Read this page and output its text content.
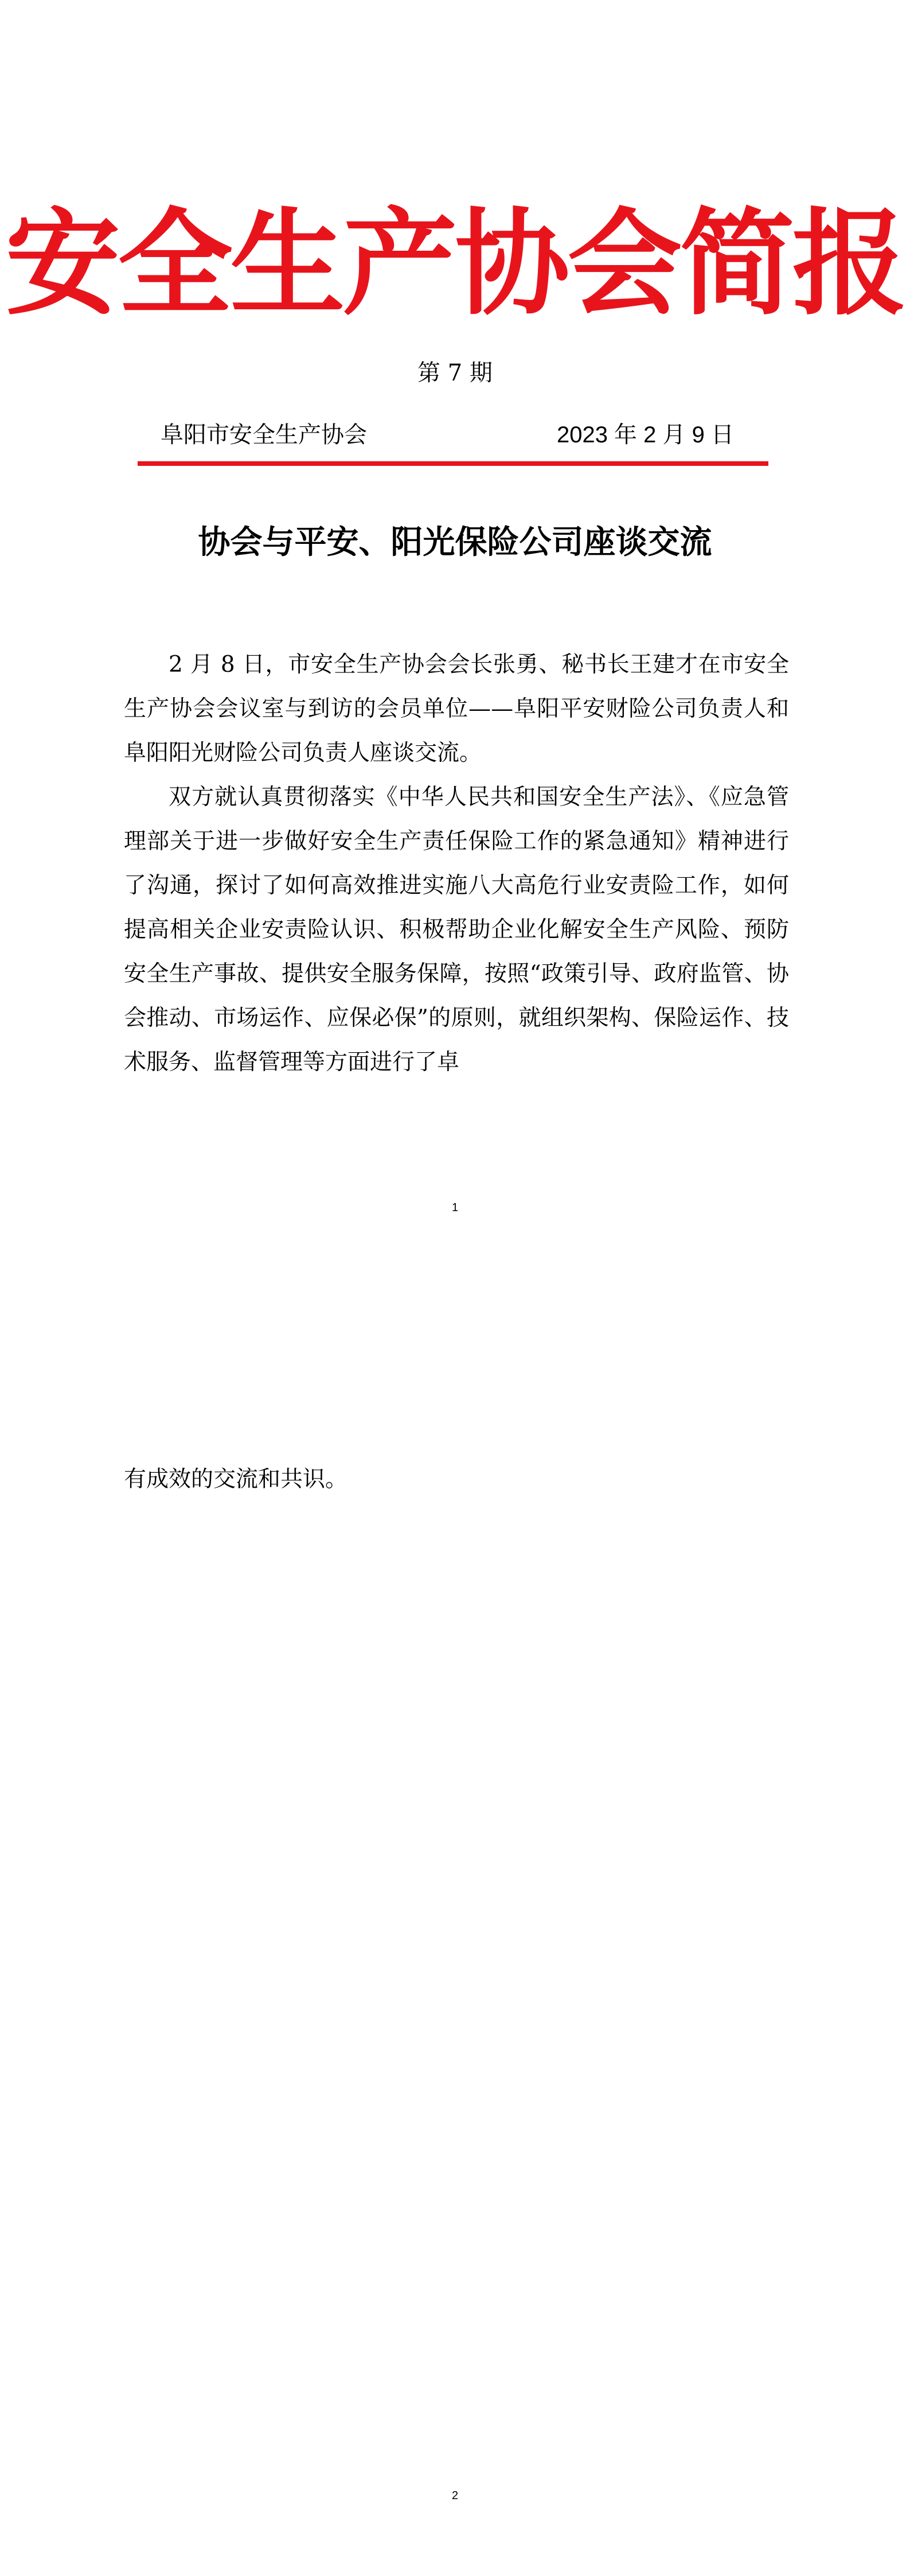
安全生产协会简报
第 7 期
阜阳市安全生产协会	2023 年 2 月 9 日
协会与平安、阳光保险公司座谈交流

2 月 8 日，市安全生产协会会长张勇、秘书长王建才在市安全生产协会会议室与到访的会员单位——阜阳平安财险公司负责人和阜阳阳光财险公司负责人座谈交流。

双方就认真贯彻落实《中华人民共和国安全生产法》、《应急管理部关于进一步做好安全生产责任保险工作的紧急通知》精神进行了沟通，探讨了如何高效推进实施八大高危行业安责险工作，如何提高相关企业安责险认识、积极帮助企业化解安全生产风险、预防安全生产事故、提供安全服务保障，按照“政策引导、政府监管、协会推动、市场运作、应保必保”的原则，就组织架构、保险运作、技术服务、监督管理等方面进行了卓

1

有成效的交流和共识。

2
